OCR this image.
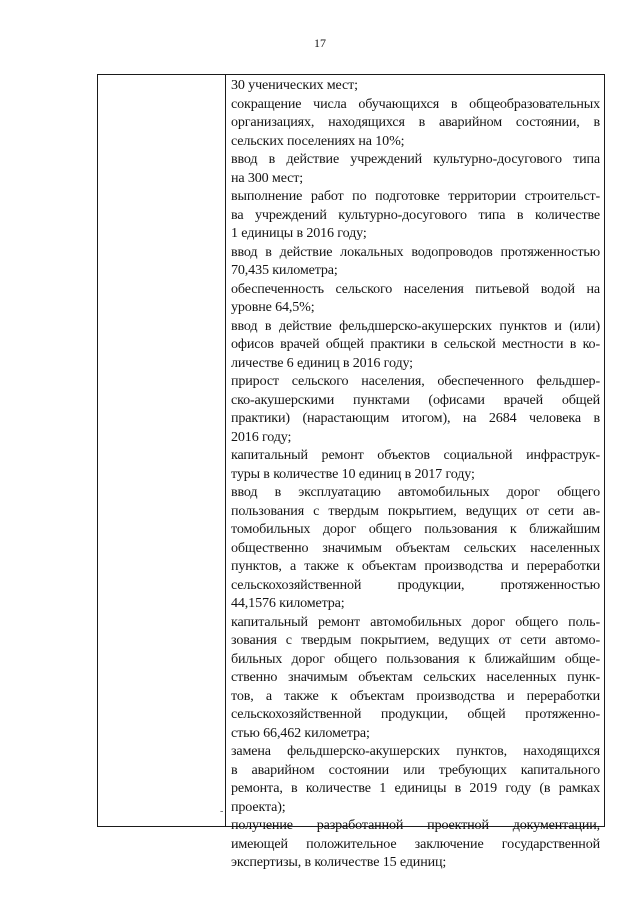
17
30 ученических мест;
сокращение числа обучающихся в общеобразовательных
организациях, находящихся в аварийном состоянии, в
сельских поселениях на 10%;
ввод в действие учреждений культурно-досугового типа
на 300 мест;
выполнение работ по подготовке территории строительст-
ва учреждений культурно-досугового типа в количестве
1 единицы в 2016 году;
ввод в действие локальных водопроводов протяженностью
70,435 километра;
обеспеченность сельского населения питьевой водой на
уровне 64,5%;
ввод в действие фельдшерско-акушерских пунктов и (или)
офисов врачей общей практики в сельской местности в ко-
личестве 6 единиц в 2016 году;
прирост сельского населения, обеспеченного фельдшер-
ско-акушерскими пунктами (офисами врачей общей
практики) (нарастающим итогом), на 2684 человека в
2016 году;
капитальный ремонт объектов социальной инфраструк-
туры в количестве 10 единиц в 2017 году;
ввод в эксплуатацию автомобильных дорог общего
пользования с твердым покрытием, ведущих от сети ав-
томобильных дорог общего пользования к ближайшим
общественно значимым объектам сельских населенных
пунктов, а также к объектам производства и переработки
сельскохозяйственной продукции, протяженностью
44,1576 километра;
капитальный ремонт автомобильных дорог общего поль-
зования с твердым покрытием, ведущих от сети автомо-
бильных дорог общего пользования к ближайшим обще-
ственно значимым объектам сельских населенных пунк-
тов, а также к объектам производства и переработки
сельскохозяйственной продукции, общей протяженно-
стью 66,462 километра;
замена фельдшерско-акушерских пунктов, находящихся
в аварийном состоянии или требующих капитального
ремонта, в количестве 1 единицы в 2019 году (в рамках
проекта);
получение разработанной проектной документации,
имеющей положительное заключение государственной
экспертизы, в количестве 15 единиц;
-
